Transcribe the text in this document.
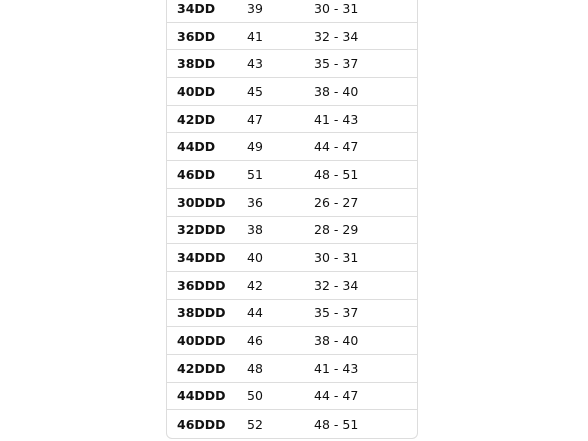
34DD	39	30 - 31
36DD	41	32 - 34
38DD	43	35 - 37
40DD	45	38 - 40
42DD	47	41 - 43
44DD	49	44 - 47
46DD	51	48 - 51
30DDD	36	26 - 27
32DDD	38	28 - 29
34DDD	40	30 - 31
36DDD	42	32 - 34
38DDD	44	35 - 37
40DDD	46	38 - 40
42DDD	48	41 - 43
44DDD	50	44 - 47
46DDD	52	48 - 51
